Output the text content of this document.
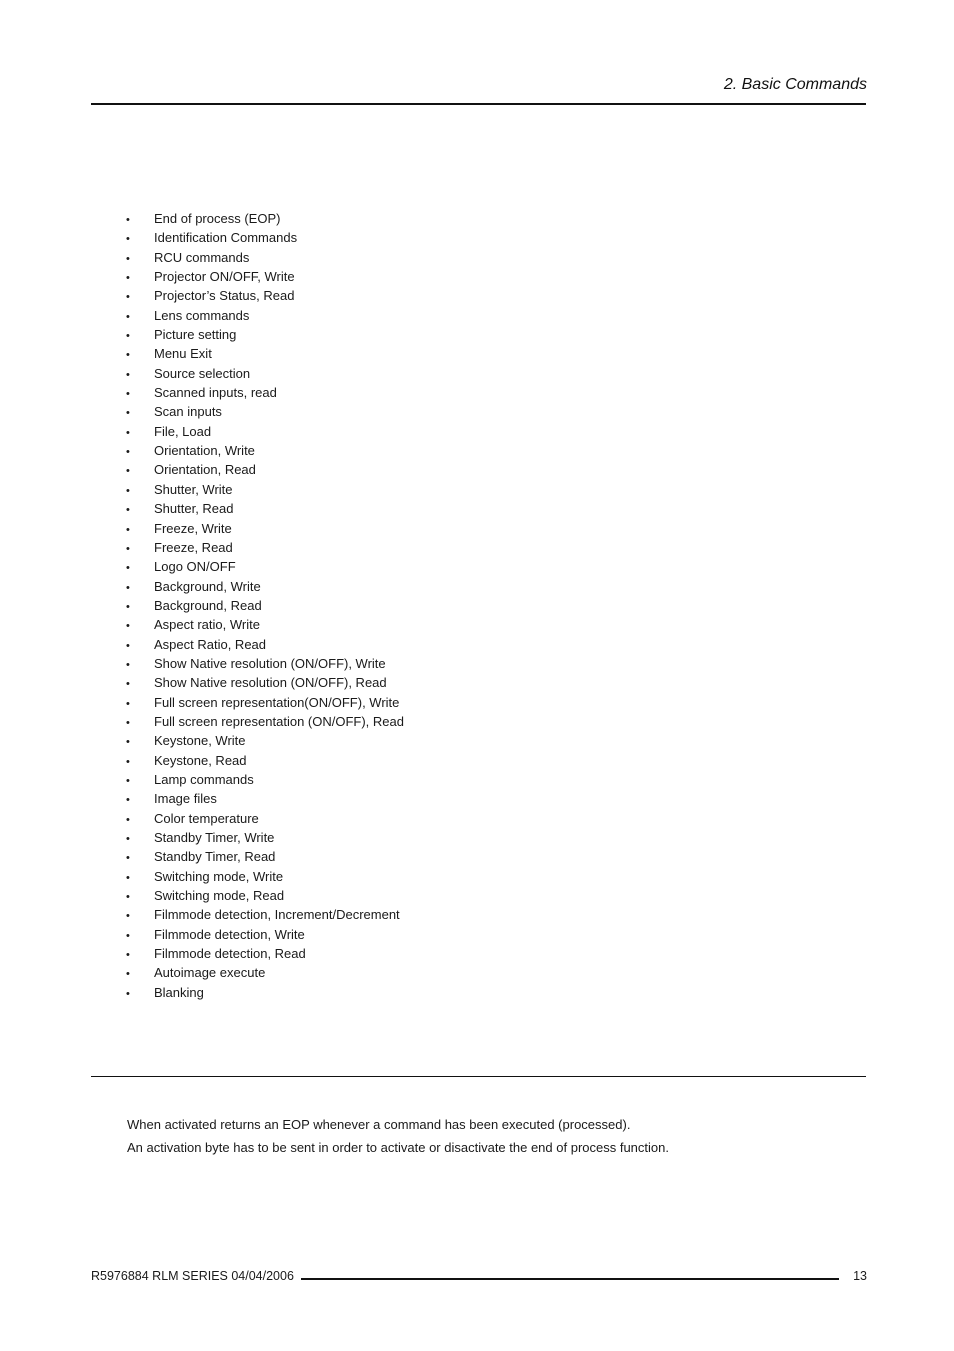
2. Basic Commands
• End of process (EOP)
• Identification Commands
• RCU commands
• Projector ON/OFF, Write
• Projector’s Status, Read
• Lens commands
• Picture setting
• Menu Exit
• Source selection
• Scanned inputs, read
• Scan inputs
• File, Load
• Orientation, Write
• Orientation, Read
• Shutter, Write
• Shutter, Read
• Freeze, Write
• Freeze, Read
• Logo ON/OFF
• Background, Write
• Background, Read
• Aspect ratio, Write
• Aspect Ratio, Read
• Show Native resolution (ON/OFF), Write
• Show Native resolution (ON/OFF), Read
• Full screen representation(ON/OFF), Write
• Full screen representation (ON/OFF), Read
• Keystone, Write
• Keystone, Read
• Lamp commands
• Image files
• Color temperature
• Standby Timer, Write
• Standby Timer, Read
• Switching mode, Write
• Switching mode, Read
• Filmmode detection, Increment/Decrement
• Filmmode detection, Write
• Filmmode detection, Read
• Autoimage execute
• Blanking

When activated returns an EOP whenever a command has been executed (processed).

An activation byte has to be sent in order to activate or disactivate the end of process function.

R5976884 RLM SERIES 04/04/2006	13
